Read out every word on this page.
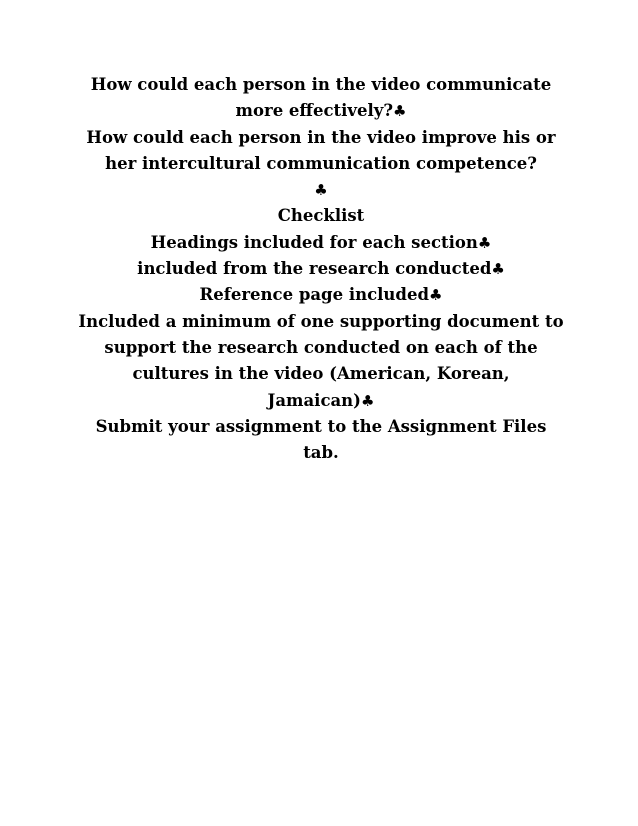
How could each person in the video communicate more effectively?♣

How could each person in the video improve his or her intercultural communication competence?
♣

Checklist

Headings included for each section♣

included from the research conducted♣

Reference page included♣

Included a minimum of one supporting document to support the research conducted on each of the cultures in the video (American, Korean, Jamaican)♣

Submit your assignment to the Assignment Files tab.
